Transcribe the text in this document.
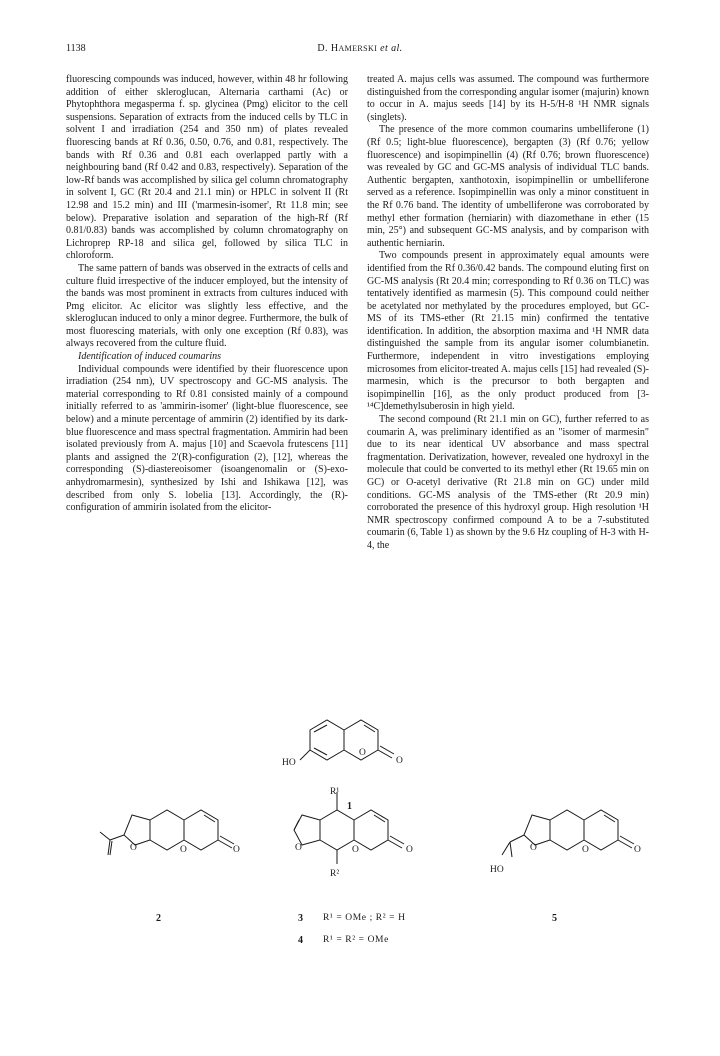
1138	D. HAMERSKI et al.

fluorescing compounds was induced, however, within 48 hr following addition of either skleroglucan, Alternaria carthami (Ac) or Phytophthora megasperma f. sp. glycinea (Pmg) elicitor to the cell suspensions. Separation of extracts from the induced cells by TLC in solvent I and irradiation (254 and 350 nm) of plates revealed fluorescing bands at Rf 0.36, 0.50, 0.76, and 0.81, respectively. The bands with Rf 0.36 and 0.81 each overlapped partly with a neighbouring band (Rf 0.42 and 0.83, respectively). Separation of the low-Rf bands was accomplished by silica gel column chromatography in solvent I, GC (Rt 20.4 and 21.1 min) or HPLC in solvent II (Rt 12.98 and 15.2 min) and III ('marmesin-isomer', Rt 11.8 min; see below). Preparative isolation and separation of the high-Rf (Rf 0.81/0.83) bands was accomplished by column chromatography on Lichroprep RP-18 and silica gel, followed by silica TLC in chloroform.

The same pattern of bands was observed in the extracts of cells and culture fluid irrespective of the inducer employed, but the intensity of the bands was most prominent in extracts from cultures induced with Pmg elicitor. Ac elicitor was slightly less effective, and the skleroglucan induced to only a minor degree. Furthermore, the bulk of most fluorescing materials, with only one exception (Rf 0.83), was always recovered from the culture fluid.

Identification of induced coumarins

Individual compounds were identified by their fluorescence upon irradiation (254 nm), UV spectroscopy and GC-MS analysis. The material corresponding to Rf 0.81 consisted mainly of a compound initially referred to as 'ammirin-isomer' (light-blue fluorescence, see below) and a minute percentage of ammirin (2) identified by its dark-blue fluorescence and mass spectral fragmentation. Ammirin had been isolated previously from A. majus [10] and Scaevola frutescens [11] plants and assigned the 2'(R)-configuration (2), [12], whereas the corresponding (S)-diastereoisomer (isoangenomalin or (S)-exo-anhydromarmesin), synthesized by Ishi and Ishikawa [12], was described from only S. lobelia [13]. Accordingly, the (R)-configuration of ammirin isolated from the elicitor-

treated A. majus cells was assumed. The compound was furthermore distinguished from the corresponding angular isomer (majurin) known to occur in A. majus seeds [14] by its H-5/H-8 ¹H NMR signals (singlets).

The presence of the more common coumarins umbelliferone (1) (Rf 0.5; light-blue fluorescence), bergapten (3) (Rf 0.76; yellow fluorescence) and isopimpinellin (4) (Rf 0.76; brown fluorescence) was revealed by GC and GC-MS analysis of individual TLC bands. Authentic bergapten, xanthotoxin, isopimpinellin or umbelliferone served as a reference. Isopimpinellin was only a minor constituent in the Rf 0.76 band. The identity of umbelliferone was corroborated by methyl ether formation (herniarin) with diazomethane in ether (15 min, 25°) and subsequent GC-MS analysis, and by comparison with authentic herniarin.

Two compounds present in approximately equal amounts were identified from the Rf 0.36/0.42 bands. The compound eluting first on GC-MS analysis (Rt 20.4 min; corresponding to Rf 0.36 on TLC) was tentatively identified as marmesin (5). This compound could neither be acetylated nor methylated by the procedures employed, but GC-MS of its TMS-ether (Rt 21.15 min) confirmed the tentative identification. In addition, the absorption maxima and ¹H NMR data distinguished the sample from its angular isomer columbianetin. Furthermore, independent in vitro investigations employing microsomes from elicitor-treated A. majus cells [15] had revealed (S)-marmesin, which is the precursor to both bergapten and isopimpinellin [16], as the only product produced from [3-¹⁴C]demethylsuberosin in high yield.

The second compound (Rt 21.1 min on GC), further referred to as coumarin A, was preliminary identified as an "isomer of marmesin" due to its near identical UV absorbance and mass spectral fragmentation. Derivatization, however, revealed one hydroxyl in the molecule that could be converted to its methyl ether (Rt 19.65 min on GC) or O-acetyl derivative (Rt 21.8 min on GC) under mild conditions. GC-MS analysis of the TMS-ether (Rt 20.9 min) corroborated the presence of this hydroxyl group. High resolution ¹H NMR spectroscopy confirmed compound A to be a 7-substituted coumarin (6, Table 1) as shown by the 9.6 Hz coupling of H-3 with H-4, the

HO
O
O
O	O	O
R¹
O	O	O
R²
O	O	O
HO
1
2	3
4
5
R¹ = OMe ; R² = H
R¹ = R² = OMe
